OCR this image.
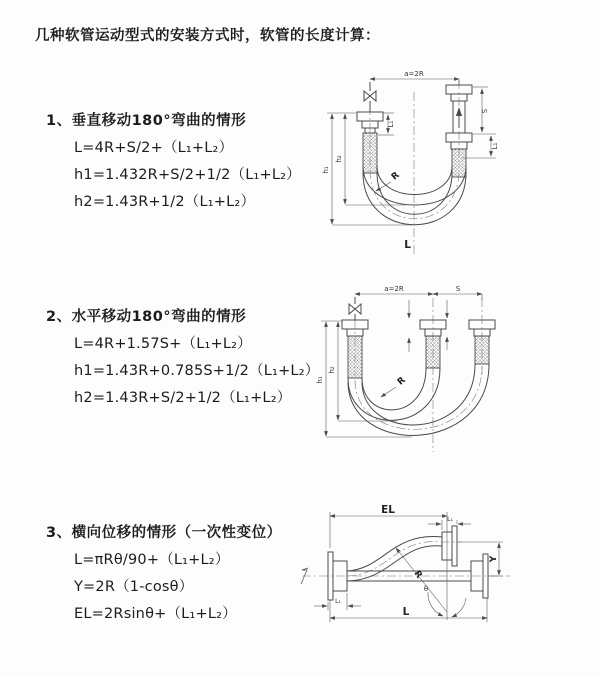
几种软管运动型式的安装方式时，软管的长度计算：
1、垂直移动180°弯曲的情形
L=4R+S/2+（L₁+L₂）
h1=1.432R+S/2+1/2（L₁+L₂）
h2=1.43R+1/2（L₁+L₂）
2、水平移动180°弯曲的情形
L=4R+1.57S+（L₁+L₂）
h1=1.43R+0.785S+1/2（L₁+L₂）
h2=1.43R+S/2+1/2（L₁+L₂）
3、横向位移的情形（一次性变位）
L=πRθ/90+（L₁+L₂）
Y=2R（1-cosθ）
EL=2Rsinθ+（L₁+L₂）
a=2R
S
L₁
L₁
h₁
h₂
R
L
a=2R	S
h₁
h₂
R
EL
L₁
Y
R
θ
L
L₁
